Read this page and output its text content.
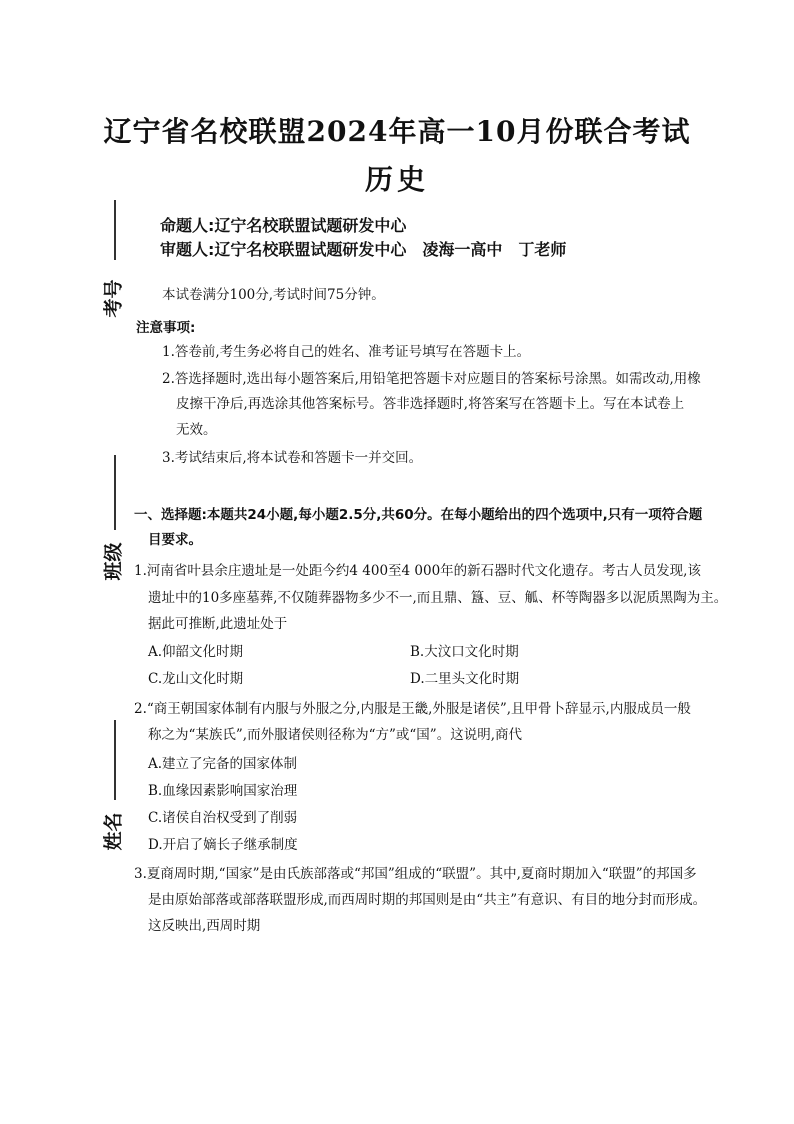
考号
班级
姓名
辽宁省名校联盟2024年高一10月份联合考试
历史
命题人:辽宁名校联盟试题研发中心
审题人:辽宁名校联盟试题研发中心　凌海一高中　丁老师
本试卷满分100分,考试时间75分钟。
注意事项:
1.答卷前,考生务必将自己的姓名、准考证号填写在答题卡上。
2.答选择题时,选出每小题答案后,用铅笔把答题卡对应题目的答案标号涂黑。如需改动,用橡
皮擦干净后,再选涂其他答案标号。答非选择题时,将答案写在答题卡上。写在本试卷上
无效。
3.考试结束后,将本试卷和答题卡一并交回。
一、选择题:本题共24小题,每小题2.5分,共60分。在每小题给出的四个选项中,只有一项符合题
目要求。
1.河南省叶县余庄遗址是一处距今约4 400至4 000年的新石器时代文化遗存。考古人员发现,该
遗址中的10多座墓葬,不仅随葬器物多少不一,而且鼎、簋、豆、觚、杯等陶器多以泥质黑陶为主。
据此可推断,此遗址处于
A.仰韶文化时期	B.大汶口文化时期
C.龙山文化时期	D.二里头文化时期
2.“商王朝国家体制有内服与外服之分,内服是王畿,外服是诸侯”,且甲骨卜辞显示,内服成员一般
称之为“某族氏”,而外服诸侯则径称为“方”或“国”。这说明,商代
A.建立了完备的国家体制
B.血缘因素影响国家治理
C.诸侯自治权受到了削弱
D.开启了嫡长子继承制度
3.夏商周时期,“国家”是由氏族部落或“邦国”组成的“联盟”。其中,夏商时期加入“联盟”的邦国多
是由原始部落或部落联盟形成,而西周时期的邦国则是由“共主”有意识、有目的地分封而形成。
这反映出,西周时期
